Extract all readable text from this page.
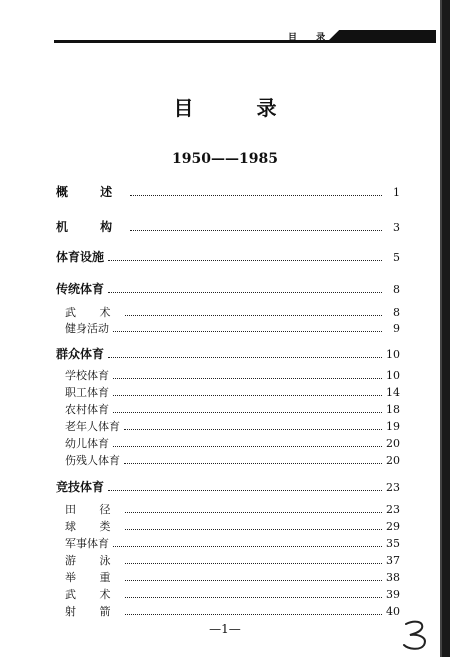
目 录
目 录
1950——1985
概 述	1
机 构	3
体育设施	5
传统体育	8
武 术	8
健身活动	9
群众体育	10
学校体育	10
职工体育	14
农村体育	18
老年人体育	19
幼儿体育	20
伤残人体育	20
竞技体育	23
田 径	23
球 类	29
军事体育	35
游 泳	37
举 重	38
武 术	39
射 箭	40
—1—
